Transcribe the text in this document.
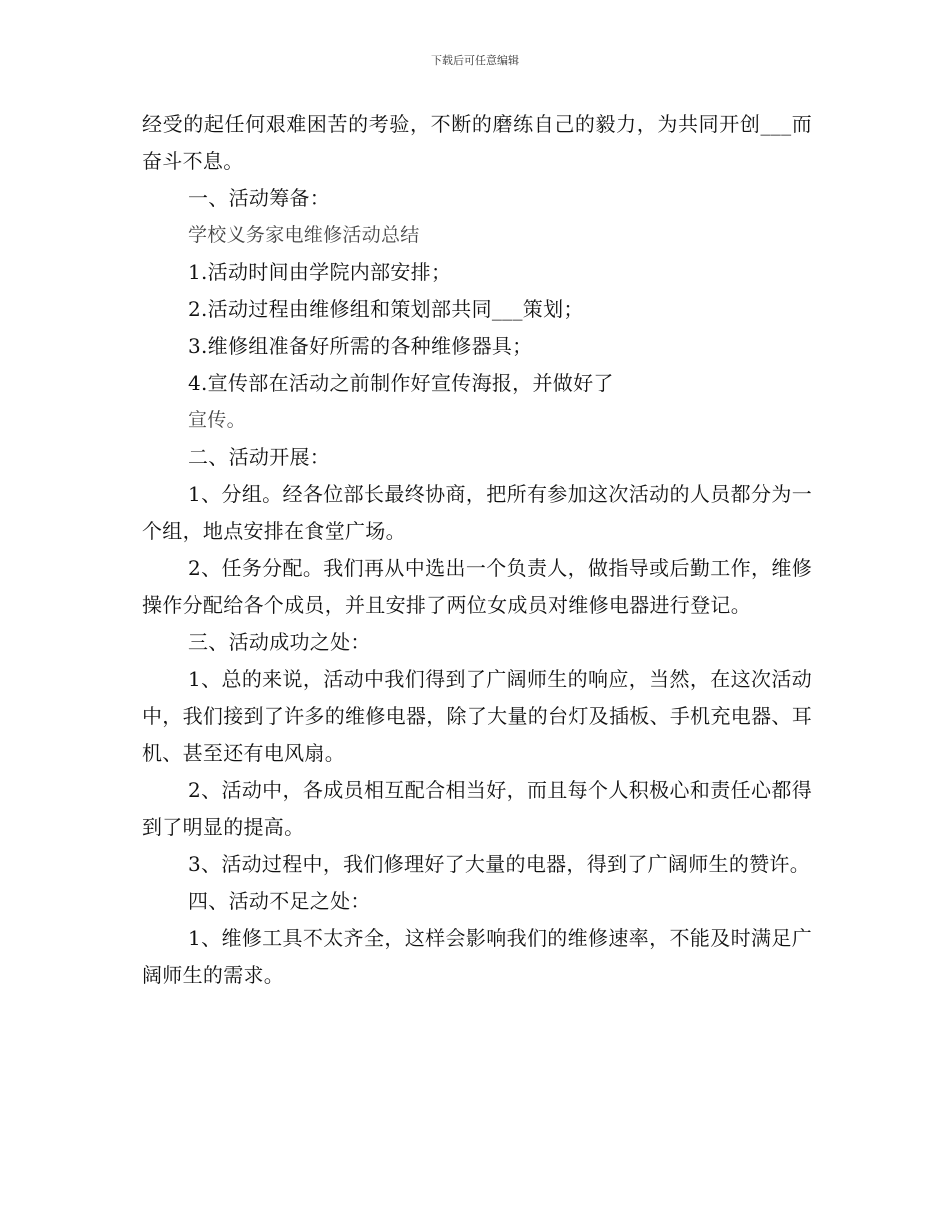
下载后可任意编辑

经受的起任何艰难困苦的考验，不断的磨练自己的毅力，为共同开创___而奋斗不息。

一、活动筹备：

学校义务家电维修活动总结

1.活动时间由学院内部安排；

2.活动过程由维修组和策划部共同___策划；

3.维修组准备好所需的各种维修器具；

4.宣传部在活动之前制作好宣传海报，并做好了

宣传。

二、活动开展：

1、分组。经各位部长最终协商，把所有参加这次活动的人员都分为一个组，地点安排在食堂广场。

2、任务分配。我们再从中选出一个负责人，做指导或后勤工作，维修操作分配给各个成员，并且安排了两位女成员对维修电器进行登记。

三、活动成功之处：

1、总的来说，活动中我们得到了广阔师生的响应，当然，在这次活动中，我们接到了许多的维修电器，除了大量的台灯及插板、手机充电器、耳机、甚至还有电风扇。

2、活动中，各成员相互配合相当好，而且每个人积极心和责任心都得到了明显的提高。

3、活动过程中，我们修理好了大量的电器，得到了广阔师生的赞许。

四、活动不足之处：

1、维修工具不太齐全，这样会影响我们的维修速率，不能及时满足广阔师生的需求。
